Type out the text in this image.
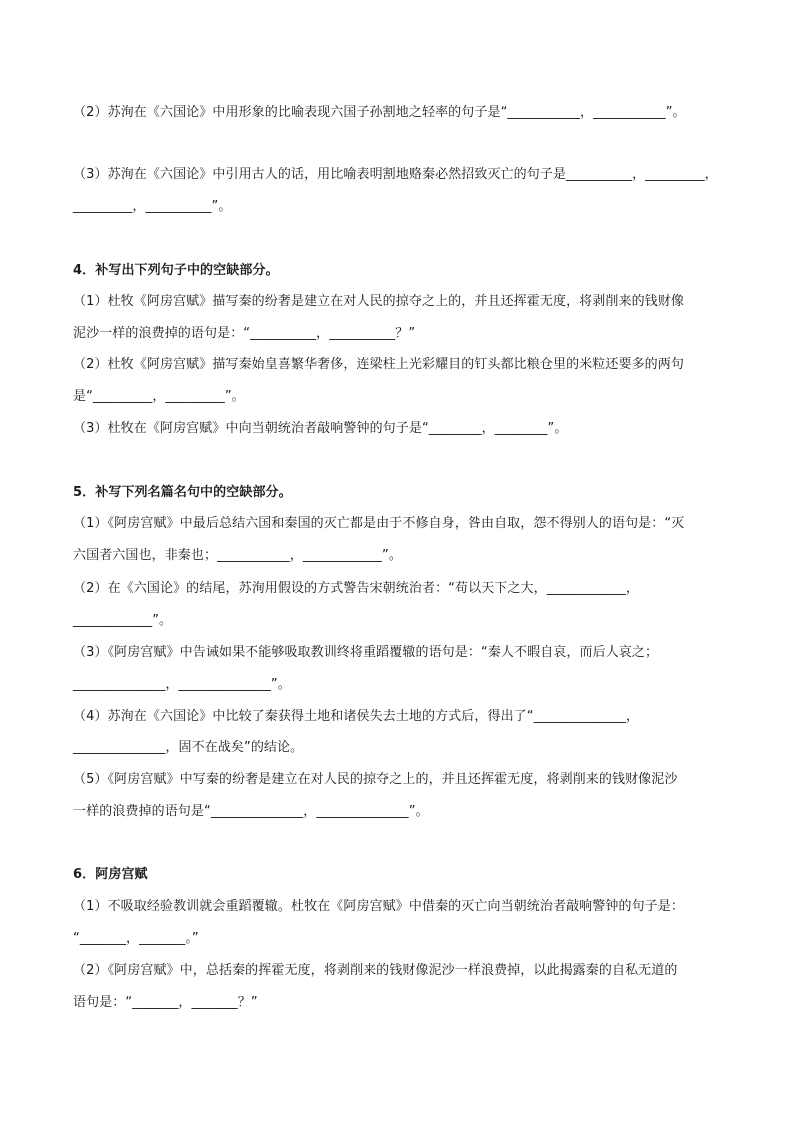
（2）苏洵在《六国论》中用形象的比喻表现六国子孙割地之轻率的句子是“___________，___________”。
（3）苏洵在《六国论》中引用古人的话，用比喻表明割地赂秦必然招致灭亡的句子是__________，_________，
_________，__________”。
4．补写出下列句子中的空缺部分。
（1）杜牧《阿房宫赋》描写秦的纷奢是建立在对人民的掠夺之上的，并且还挥霍无度，将剥削来的钱财像
泥沙一样的浪费掉的语句是：“__________，__________？”
（2）杜牧《阿房宫赋》描写秦始皇喜繁华奢侈，连梁柱上光彩耀目的钉头都比粮仓里的米粒还要多的两句
是“_________，_________”。
（3）杜牧在《阿房宫赋》中向当朝统治者敲响警钟的句子是“________，________”。
5．补写下列名篇名句中的空缺部分。
（1）《阿房宫赋》中最后总结六国和秦国的灭亡都是由于不修自身，咎由自取，怨不得别人的语句是：“灭
六国者六国也，非秦也；___________，____________”。
（2）在《六国论》的结尾，苏洵用假设的方式警告宋朝统治者：“苟以天下之大，____________，
____________”。
（3）《阿房宫赋》中告诫如果不能够吸取教训终将重蹈覆辙的语句是：“秦人不暇自哀，而后人哀之；
______________，______________”。
（4）苏洵在《六国论》中比较了秦获得土地和诸侯失去土地的方式后，得出了“______________，
______________，固不在战矣”的结论。
（5）《阿房宫赋》中写秦的纷奢是建立在对人民的掠夺之上的，并且还挥霍无度，将剥削来的钱财像泥沙
一样的浪费掉的语句是“______________，______________”。
6．阿房宫赋
（1）不吸取经验教训就会重蹈覆辙。杜牧在《阿房宫赋》中借秦的灭亡向当朝统治者敲响警钟的句子是：
“_______，_______。”
（2）《阿房宫赋》中，总括秦的挥霍无度，将剥削来的钱财像泥沙一样浪费掉，以此揭露秦的自私无道的
语句是：“_______，_______？”
